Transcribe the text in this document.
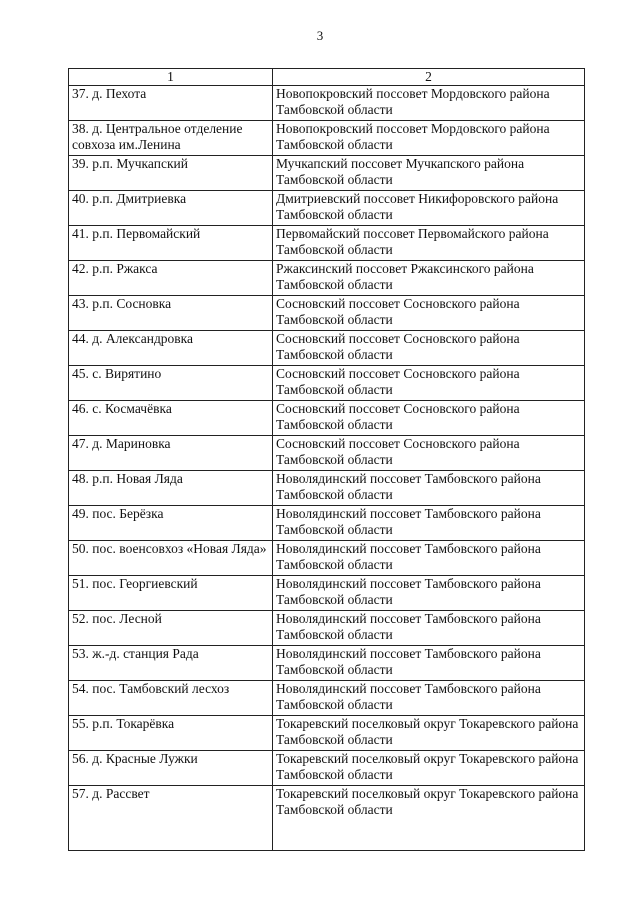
3
1	2
37. д. Пехота	Новопокровский поссовет Мордовского района Тамбовской области
38. д. Центральное отделение совхоза им.Ленина	Новопокровский поссовет Мордовского района Тамбовской области
39. р.п. Мучкапский	Мучкапский поссовет Мучкапского района Тамбовской области
40. р.п. Дмитриевка	Дмитриевский поссовет Никифоровского района Тамбовской области
41. р.п. Первомайский	Первомайский поссовет Первомайского района Тамбовской области
42. р.п. Ржакса	Ржаксинский поссовет Ржаксинского района Тамбовской области
43. р.п. Сосновка	Сосновский поссовет Сосновского района Тамбовской области
44. д. Александровка	Сосновский поссовет Сосновского района Тамбовской области
45. с. Вирятино	Сосновский поссовет Сосновского района Тамбовской области
46. с. Космачёвка	Сосновский поссовет Сосновского района Тамбовской области
47. д. Мариновка	Сосновский поссовет Сосновского района Тамбовской области
48. р.п. Новая Ляда	Новолядинский поссовет Тамбовского района Тамбовской области
49. пос. Берёзка	Новолядинский поссовет Тамбовского района Тамбовской области
50. пос. военсовхоз «Новая Ляда»	Новолядинский поссовет Тамбовского района Тамбовской области
51. пос. Георгиевский	Новолядинский поссовет Тамбовского района Тамбовской области
52. пос. Лесной	Новолядинский поссовет Тамбовского района Тамбовской области
53. ж.-д. станция Рада	Новолядинский поссовет Тамбовского района Тамбовской области
54. пос. Тамбовский лесхоз	Новолядинский поссовет Тамбовского района Тамбовской области
55. р.п. Токарёвка	Токаревский поселковый округ Токаревского района Тамбовской области
56. д. Красные Лужки	Токаревский поселковый округ Токаревского района Тамбовской области
57. д. Рассвет	Токаревский поселковый округ Токаревского района Тамбовской области
